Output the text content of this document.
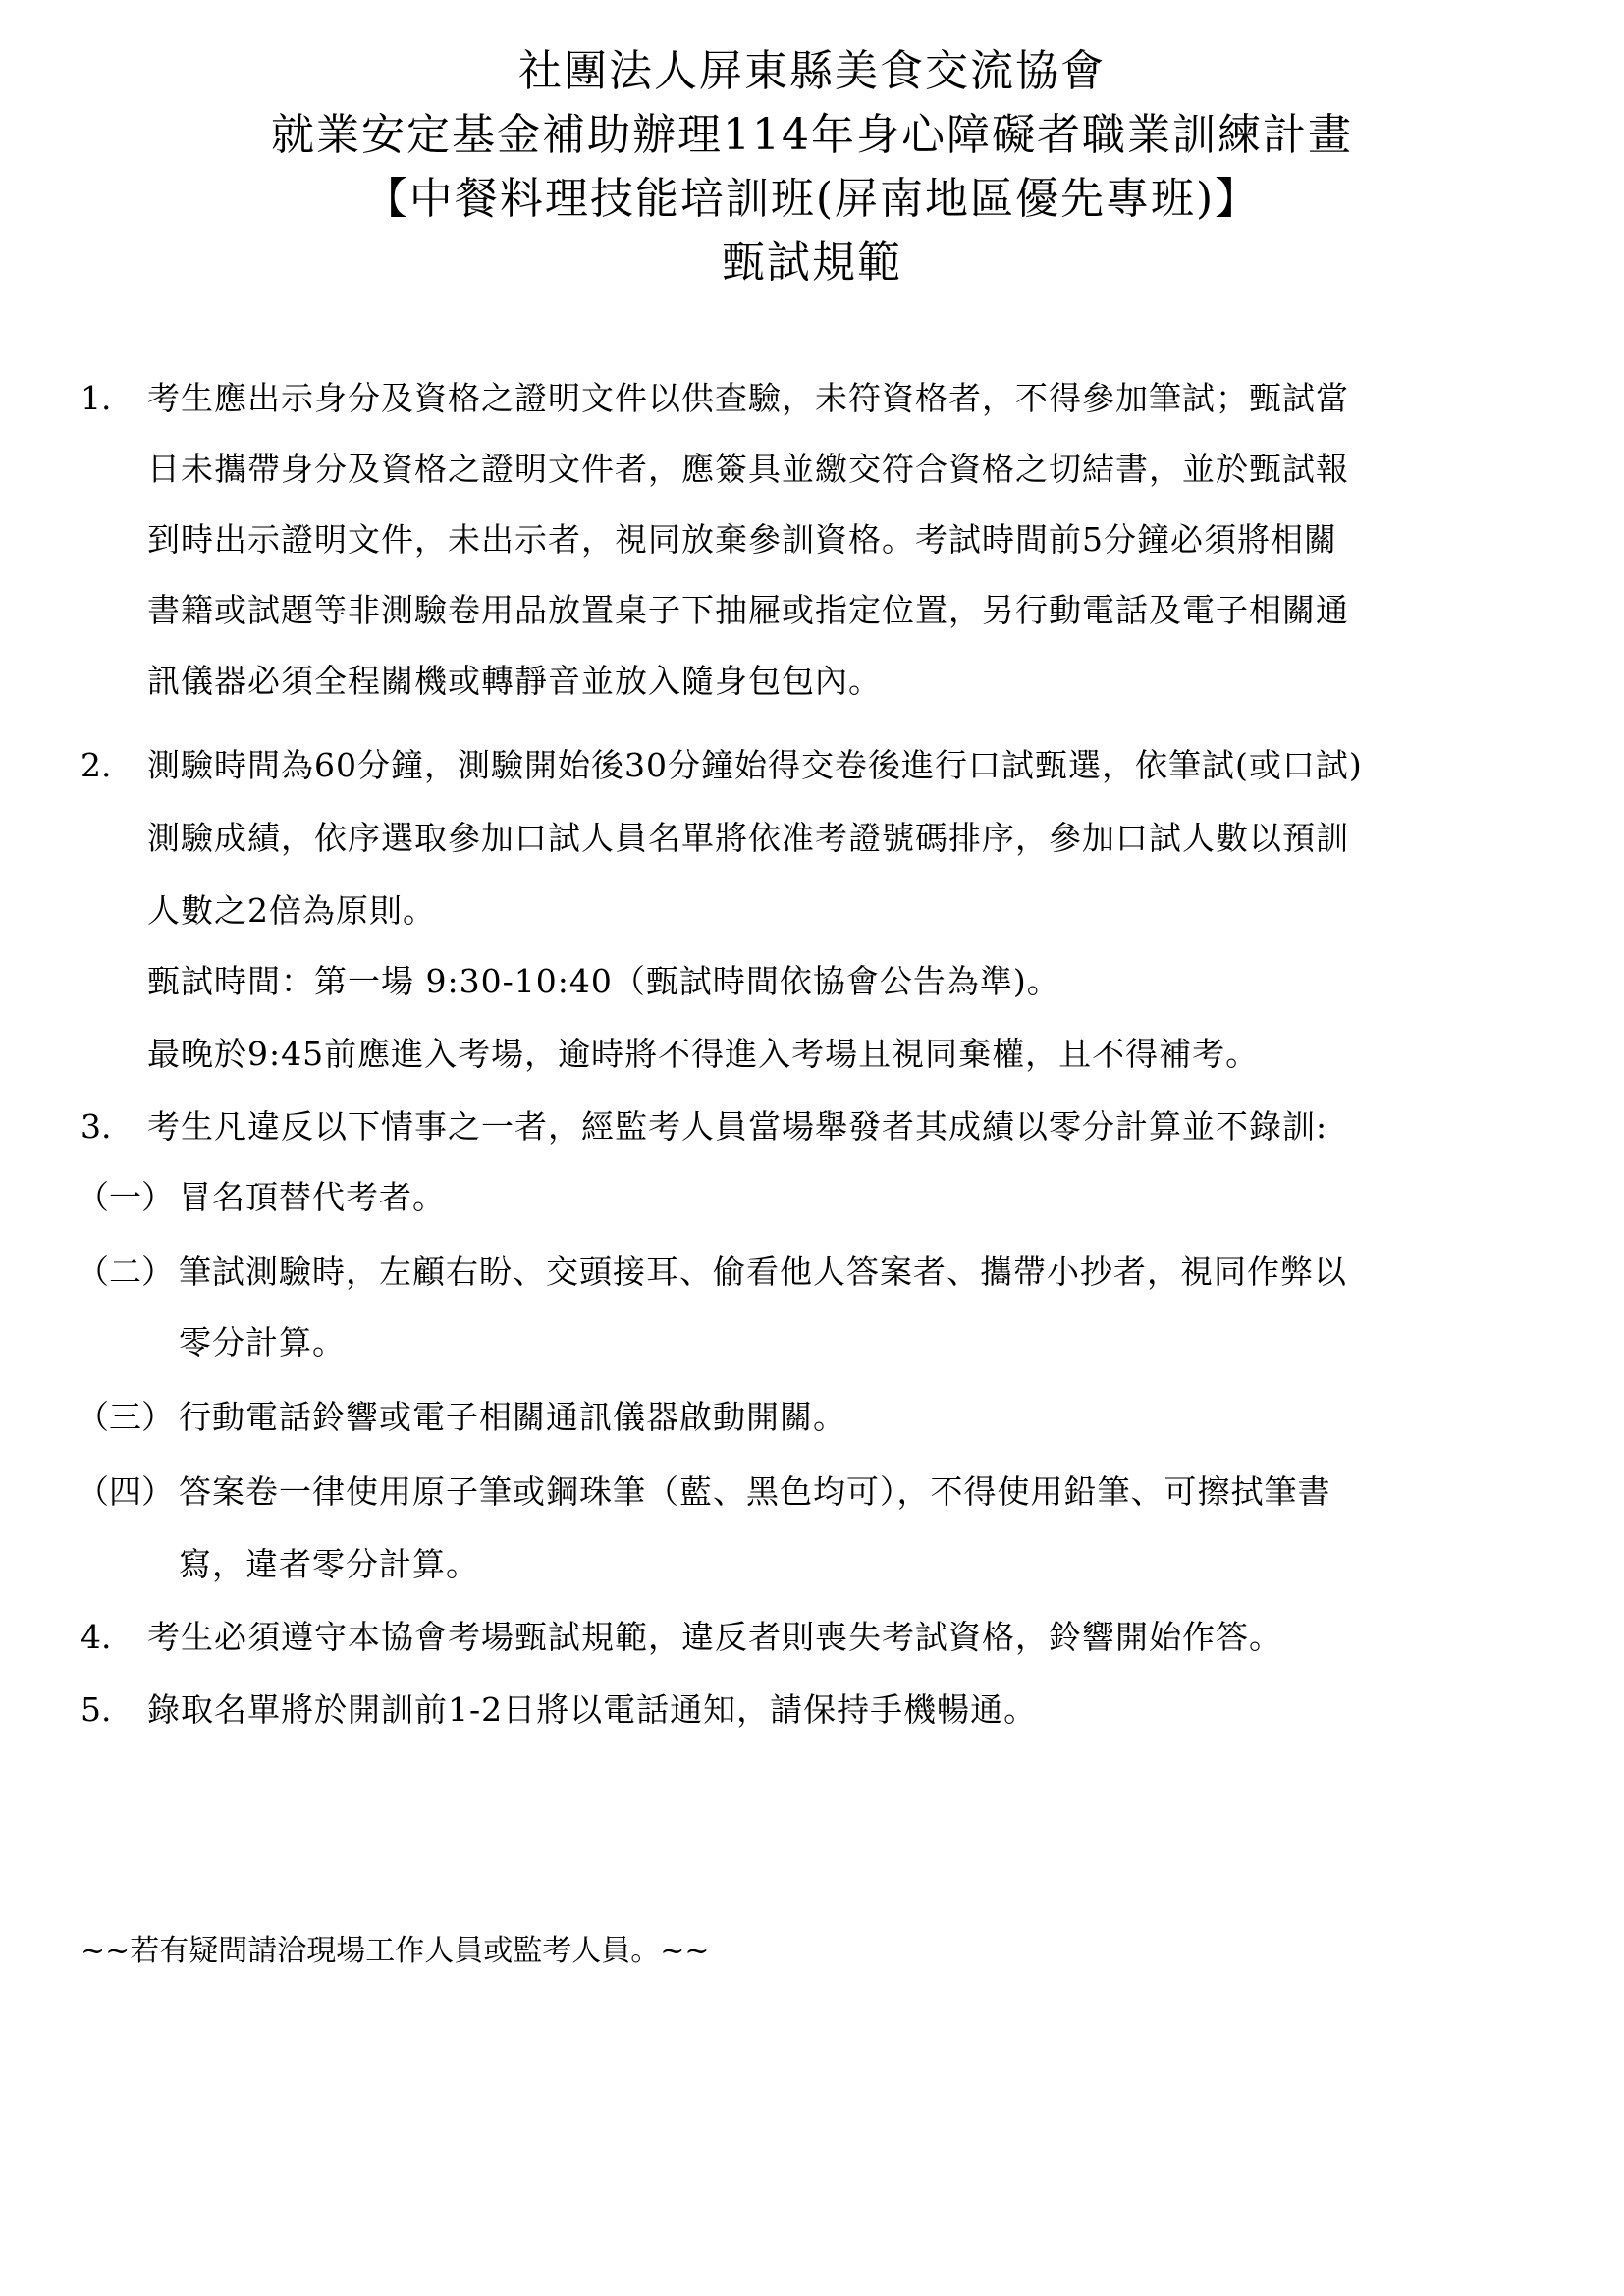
社團法人屏東縣美食交流協會
就業安定基金補助辦理114年身心障礙者職業訓練計畫
【中餐料理技能培訓班(屏南地區優先專班)】
甄試規範
1. 考生應出示身分及資格之證明文件以供查驗，未符資格者，不得參加筆試；甄試當
日未攜帶身分及資格之證明文件者，應簽具並繳交符合資格之切結書，並於甄試報
到時出示證明文件，未出示者，視同放棄參訓資格。考試時間前5分鐘必須將相關
書籍或試題等非測驗卷用品放置桌子下抽屜或指定位置，另行動電話及電子相關通
訊儀器必須全程關機或轉靜音並放入隨身包包內。
2. 測驗時間為60分鐘，測驗開始後30分鐘始得交卷後進行口試甄選，依筆試(或口試)
測驗成績，依序選取參加口試人員名單將依准考證號碼排序，參加口試人數以預訓
人數之2倍為原則。
甄試時間：第一場 9:30-10:40（甄試時間依協會公告為準)。
最晚於9:45前應進入考場，逾時將不得進入考場且視同棄權，且不得補考。
3. 考生凡違反以下情事之一者，經監考人員當場舉發者其成績以零分計算並不錄訓:
（一） 冒名頂替代考者。
（二） 筆試測驗時，左顧右盼、交頭接耳、偷看他人答案者、攜帶小抄者，視同作弊以
零分計算。
（三） 行動電話鈴響或電子相關通訊儀器啟動開關。
（四） 答案卷一律使用原子筆或鋼珠筆（藍、黑色均可），不得使用鉛筆、可擦拭筆書
寫，違者零分計算。
4. 考生必須遵守本協會考場甄試規範，違反者則喪失考試資格，鈴響開始作答。
5. 錄取名單將於開訓前1-2日將以電話通知，請保持手機暢通。
~~若有疑問請洽現場工作人員或監考人員。~~
